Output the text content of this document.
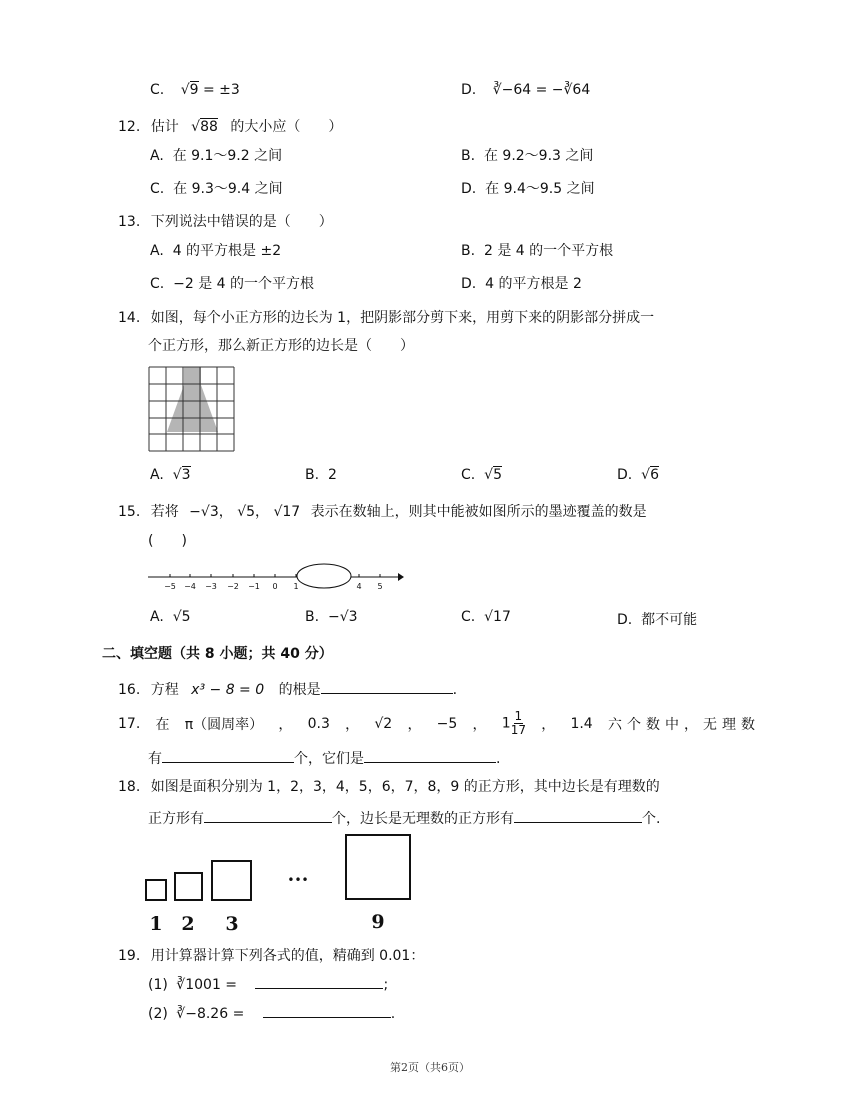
C. √9 = ±3	D. ∛−64 = −∛64
12. 估计 √88 的大小应（　　）
A. 在 9.1～9.2 之间	B. 在 9.2～9.3 之间
C. 在 9.3～9.4 之间	D. 在 9.4～9.5 之间
13. 下列说法中错误的是（　　）
A. 4 的平方根是 ±2	B. 2 是 4 的一个平方根
C. −2 是 4 的一个平方根	D. 4 的平方根是 2
14. 如图，每个小正方形的边长为 1，把阴影部分剪下来，用剪下来的阴影部分拼成一
个正方形，那么新正方形的边长是（　　）
A.  √3	B. 2	C.  √5	D.  √6
15. 若将 −√3， √5， √17 表示在数轴上，则其中能被如图所示的墨迹覆盖的数是
(　　)
−5 −4 −3 −2 −1 0 1	4 5
A. √5	B. −√3	C. √17	D. 都不可能
二、填空题（共 8 小题；共 40 分）
16. 方程 x³ − 8 = 0 的根是	.
17. 在 π（圆周率） ， 0.3 ， √2 ， −5 ， $1 \frac{1}{17}$ ， 1.4̇ 六个数中，无理数
有	个，它们是	.
18. 如图是面积分别为 1，2，3，4，5，6，7，8，9 的正方形，其中边长是有理数的
正方形有	个，边长是无理数的正方形有	个.
1 2 3	9
•••
19. 用计算器计算下列各式的值，精确到 0.01：
(1) ∛1001 =	;
(2) ∛−8.26 =	.
第2页（共6页）
